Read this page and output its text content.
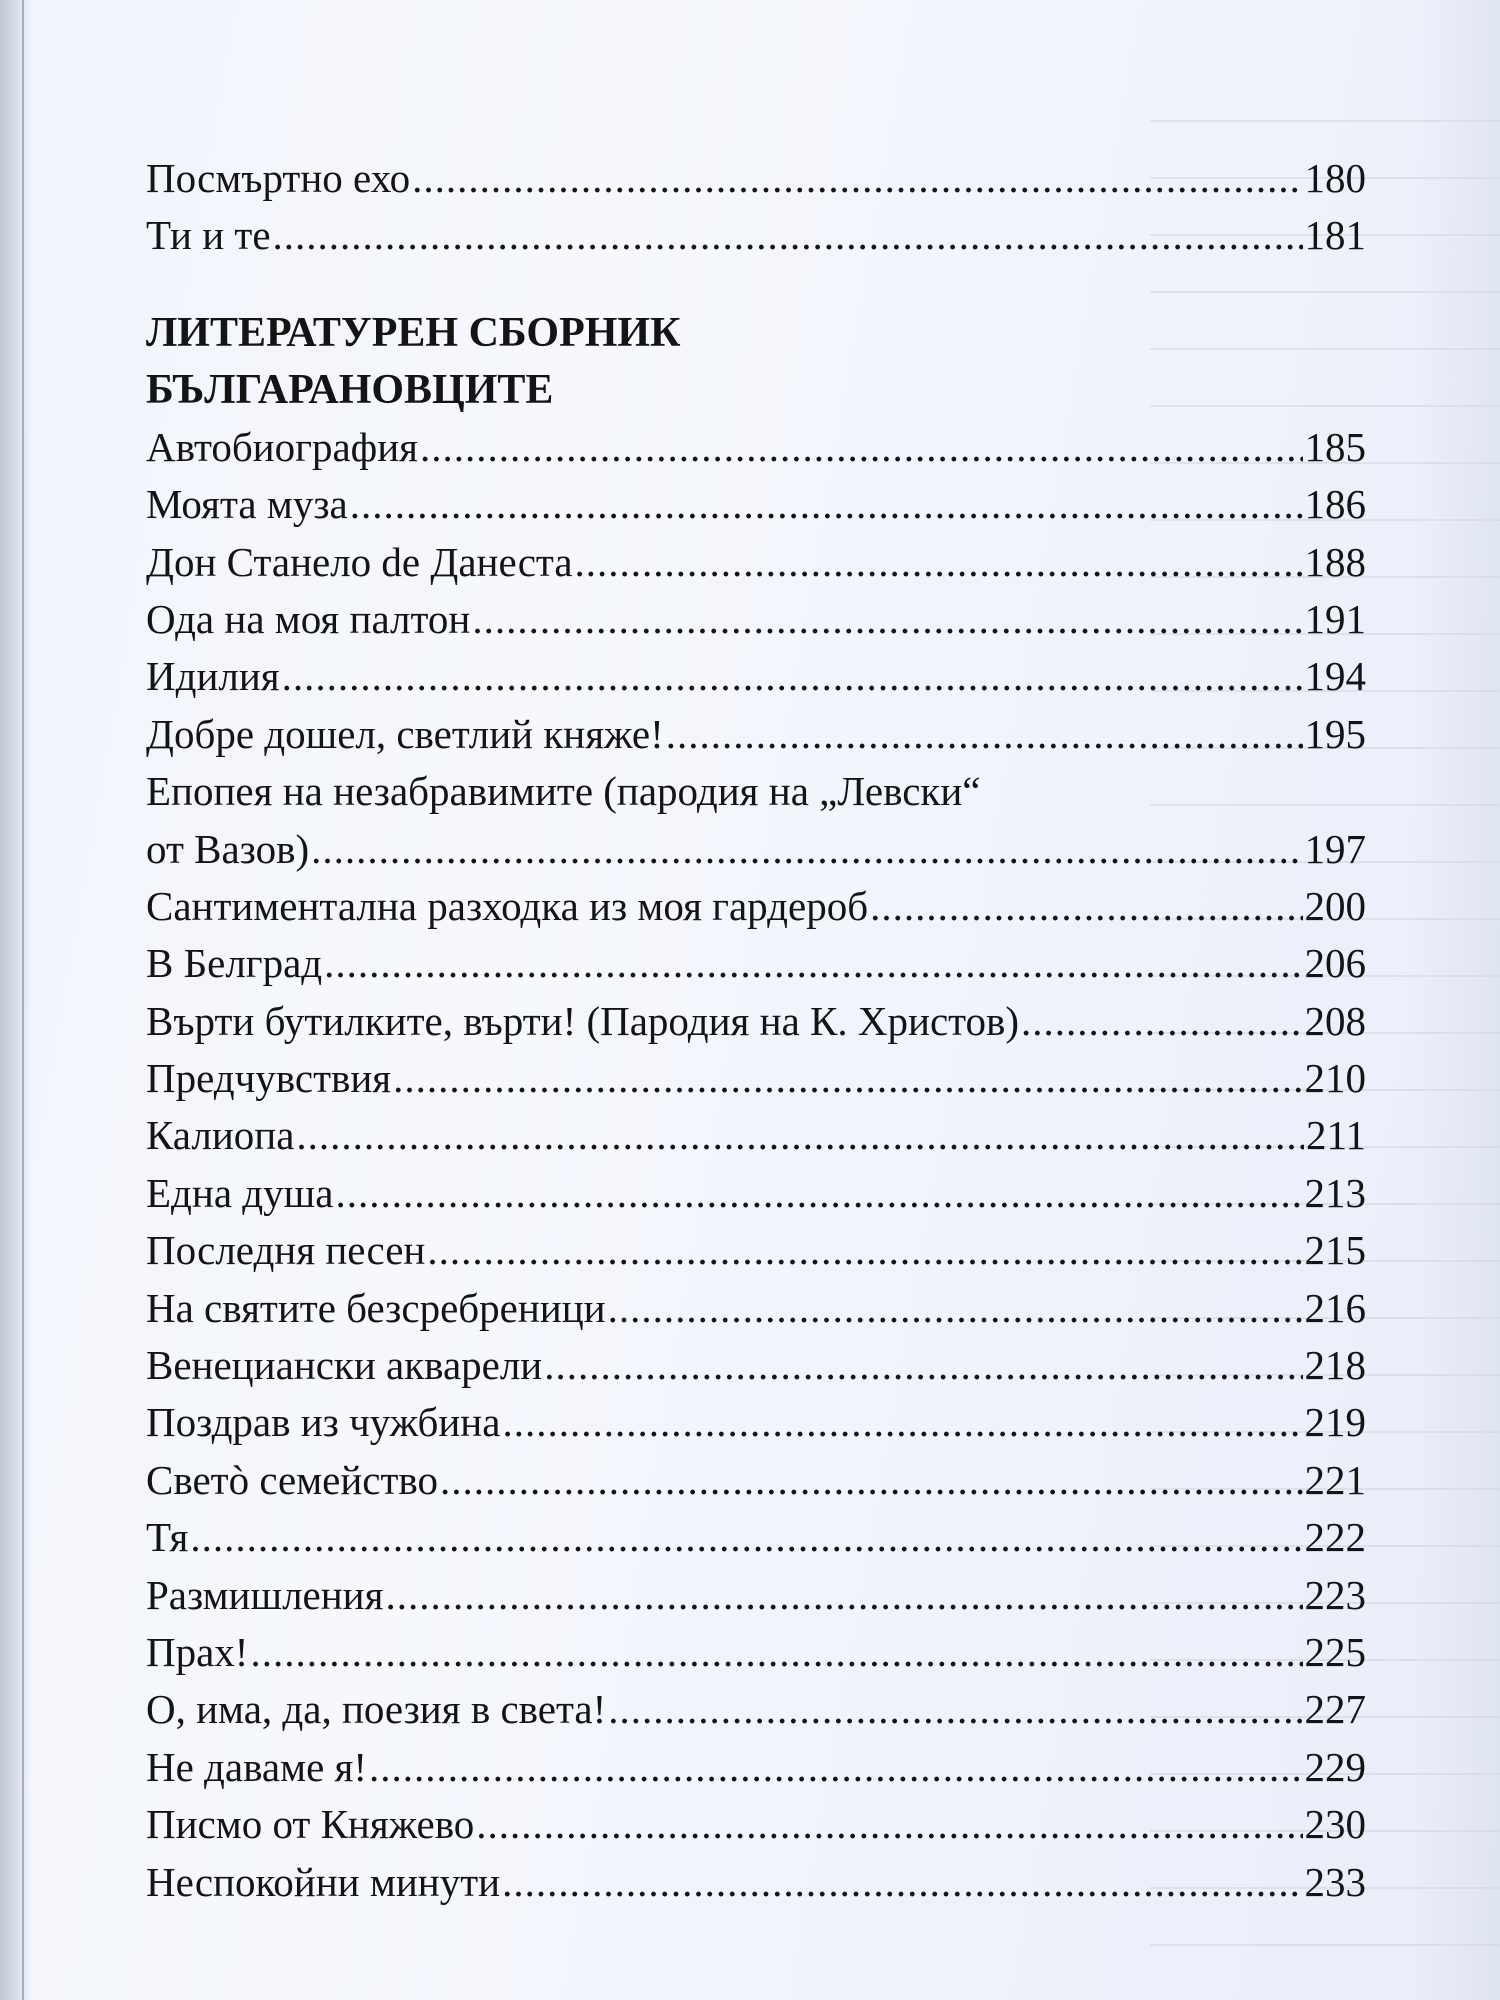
Посмъртно ехо .....	180
Ти и те .....	181
ЛИТЕРАТУРЕН СБОРНИК
БЪЛГАРАНОВЦИТЕ
Автобиография .....	185
Моята муза .....	186
Дон Станело de Данеста .....	188
Ода на моя палтон .....	191
Идилия .....	194
Добре дошел, светлий княже! .....	195
Епопея на незабравимите (пародия на „Левски“
от Вазов) .....	197
Сантиментална разходка из моя гардероб .....	200
В Белград .....	206
Върти бутилките, върти! (Пародия на К. Христов) .....	208
Предчувствия .....	210
Калиопа .....	211
Една душа .....	213
Последня песен .....	215
На святите безсребреници .....	216
Венециански акварели .....	218
Поздрав из чужбина .....	219
Светò семейство .....	221
Тя .....	222
Размишления .....	223
Прах! .....	225
О, има, да, поезия в света! .....	227
Не даваме я! .....	229
Писмо от Княжево .....	230
Неспокойни минути .....	233
